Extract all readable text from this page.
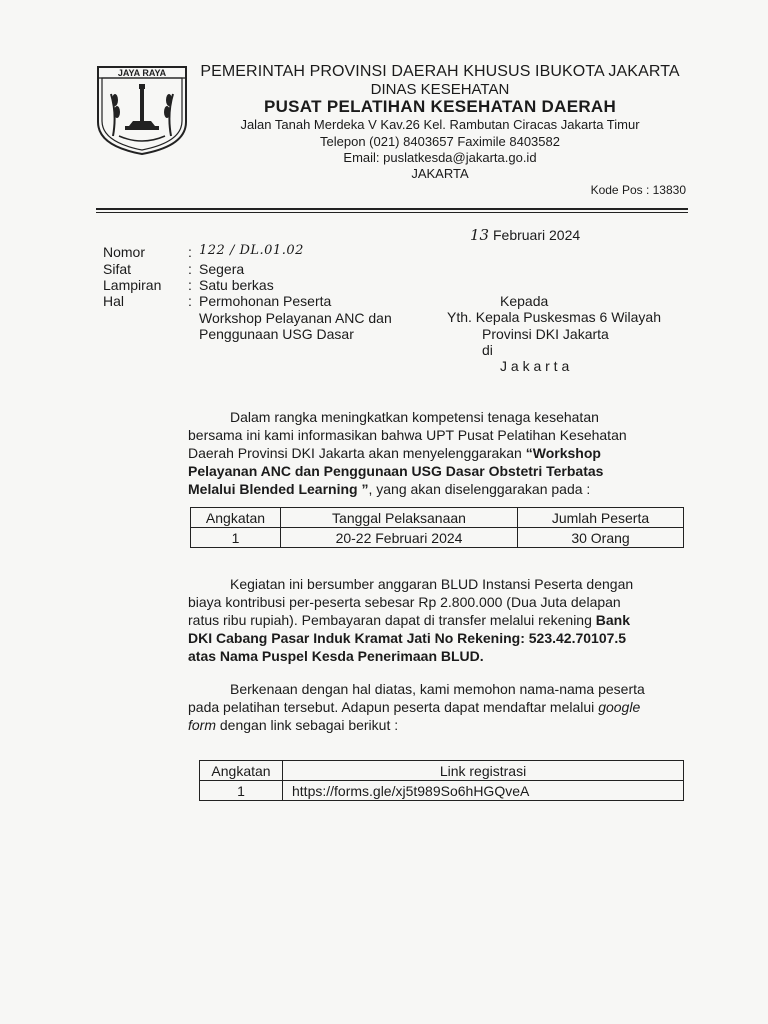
JAYA RAYA	PEMERINTAH PROVINSI DAERAH KHUSUS IBUKOTA JAKARTA
DINAS KESEHATAN
PUSAT PELATIHAN KESEHATAN DAERAH
Jalan Tanah Merdeka V Kav.26 Kel. Rambutan Ciracas Jakarta Timur
Telepon (021) 8403657 Faximile 8403582
Email: puslatkesda@jakarta.go.id
JAKARTA
Kode Pos : 13830
13 Februari 2024
Nomor	: 122 / DL.01.02
Sifat	: Segera
Lampiran : Satu berkas
Hal	: Permohonan Peserta
Workshop Pelayanan ANC dan
Penggunaan USG Dasar
Kepada
Yth. Kepala Puskesmas 6 Wilayah
Provinsi DKI Jakarta
di
J a k a r t a
Dalam rangka meningkatkan kompetensi tenaga kesehatan
bersama ini kami informasikan bahwa UPT Pusat Pelatihan Kesehatan
Daerah Provinsi DKI Jakarta akan menyelenggarakan “Workshop
Pelayanan ANC dan Penggunaan USG Dasar Obstetri Terbatas
Melalui Blended Learning ”, yang akan diselenggarakan pada :
Angkatan	Tanggal Pelaksanaan	Jumlah Peserta
1	20-22 Februari 2024	30 Orang
Kegiatan ini bersumber anggaran BLUD Instansi Peserta dengan
biaya kontribusi per-peserta sebesar Rp 2.800.000 (Dua Juta delapan
ratus ribu rupiah). Pembayaran dapat di transfer melalui rekening Bank
DKI Cabang Pasar Induk Kramat Jati No Rekening: 523.42.70107.5
atas Nama Puspel Kesda Penerimaan BLUD.
Berkenaan dengan hal diatas, kami memohon nama-nama peserta
pada pelatihan tersebut. Adapun peserta dapat mendaftar melalui google
form dengan link sebagai berikut :
Angkatan	Link registrasi
1	https://forms.gle/xj5t989So6hHGQveA
